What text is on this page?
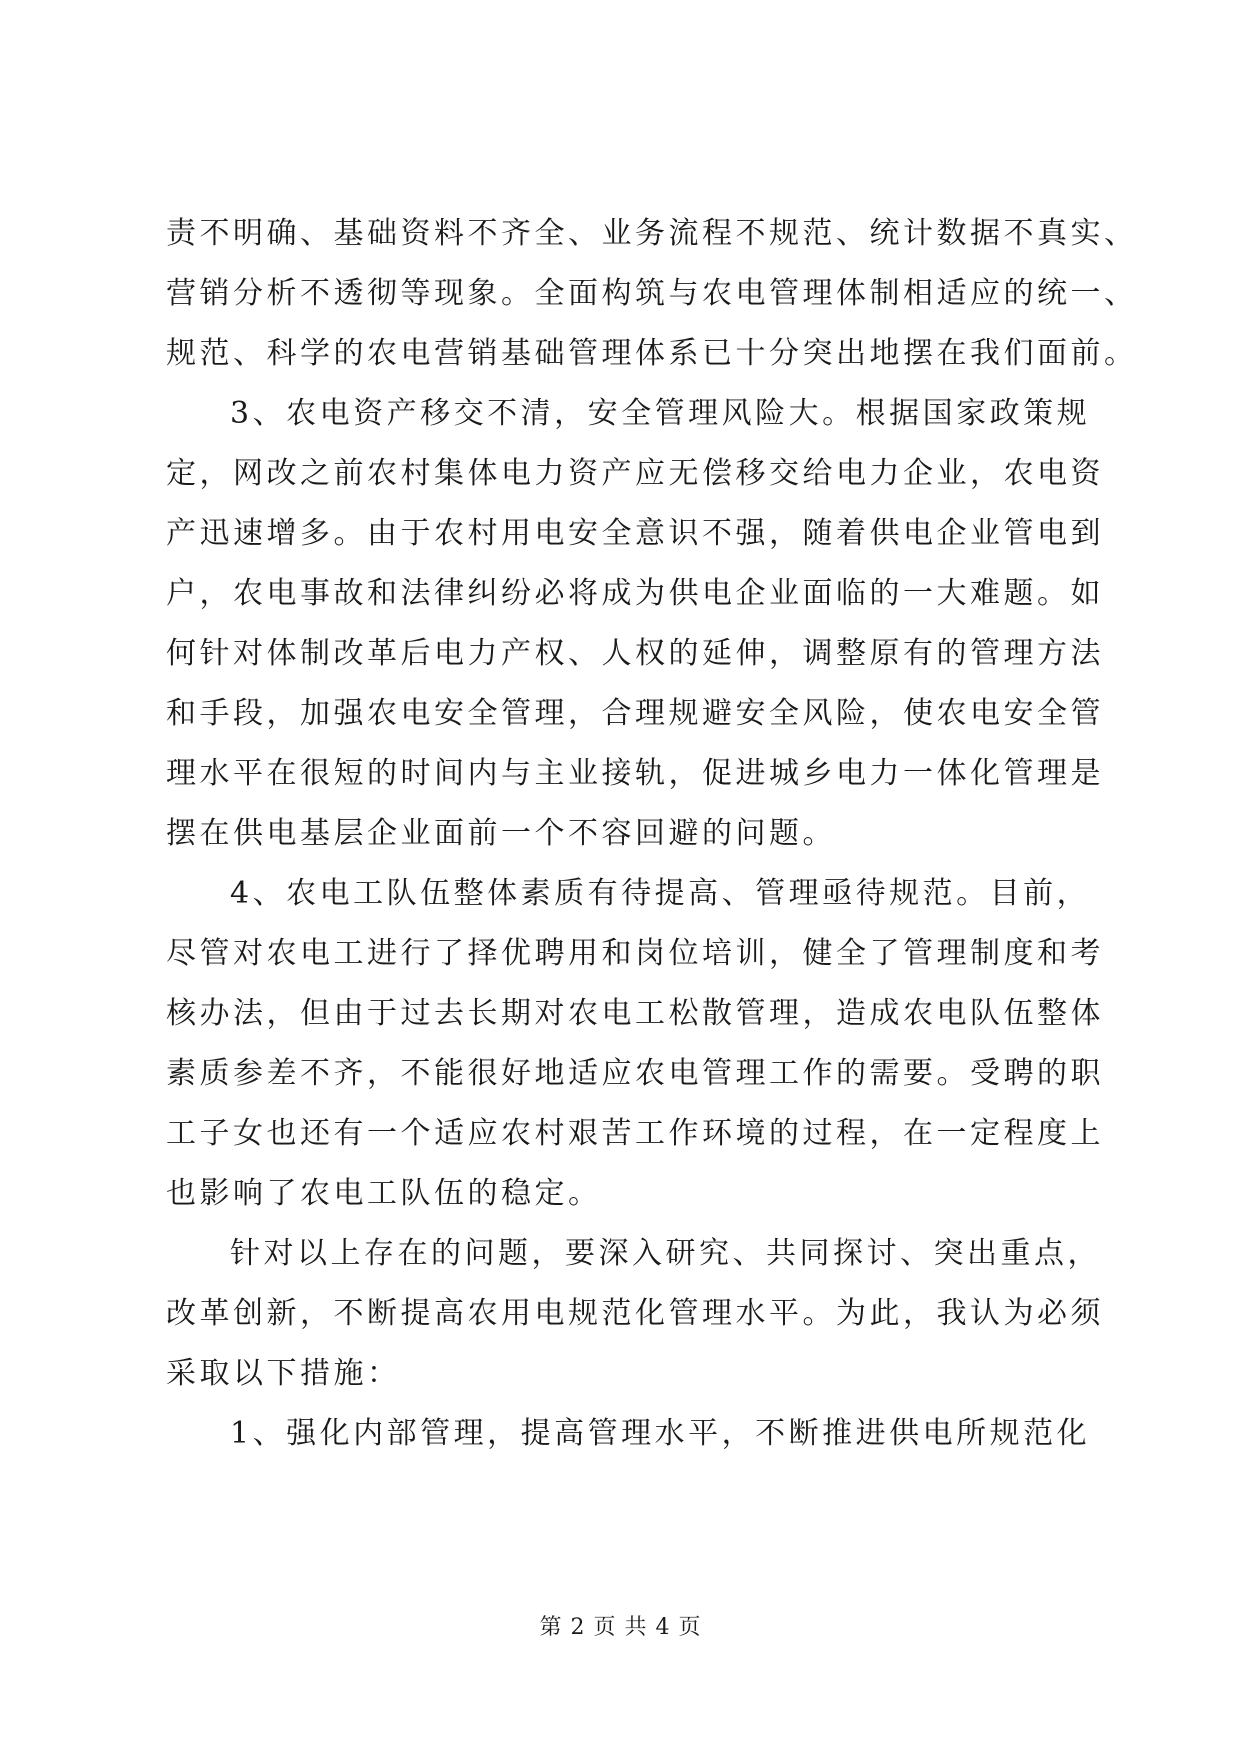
责不明确、基础资料不齐全、业务流程不规范、统计数据不真实、
营销分析不透彻等现象。全面构筑与农电管理体制相适应的统一、
规范、科学的农电营销基础管理体系已十分突出地摆在我们面前。
3、农电资产移交不清，安全管理风险大。根据国家政策规
定，网改之前农村集体电力资产应无偿移交给电力企业，农电资
产迅速增多。由于农村用电安全意识不强，随着供电企业管电到
户，农电事故和法律纠纷必将成为供电企业面临的一大难题。如
何针对体制改革后电力产权、人权的延伸，调整原有的管理方法
和手段，加强农电安全管理，合理规避安全风险，使农电安全管
理水平在很短的时间内与主业接轨，促进城乡电力一体化管理是
摆在供电基层企业面前一个不容回避的问题。
4、农电工队伍整体素质有待提高、管理亟待规范。目前，
尽管对农电工进行了择优聘用和岗位培训，健全了管理制度和考
核办法，但由于过去长期对农电工松散管理，造成农电队伍整体
素质参差不齐，不能很好地适应农电管理工作的需要。受聘的职
工子女也还有一个适应农村艰苦工作环境的过程，在一定程度上
也影响了农电工队伍的稳定。
针对以上存在的问题，要深入研究、共同探讨、突出重点，
改革创新，不断提高农用电规范化管理水平。为此，我认为必须
采取以下措施：
1、强化内部管理，提高管理水平，不断推进供电所规范化
第 2 页 共 4 页
